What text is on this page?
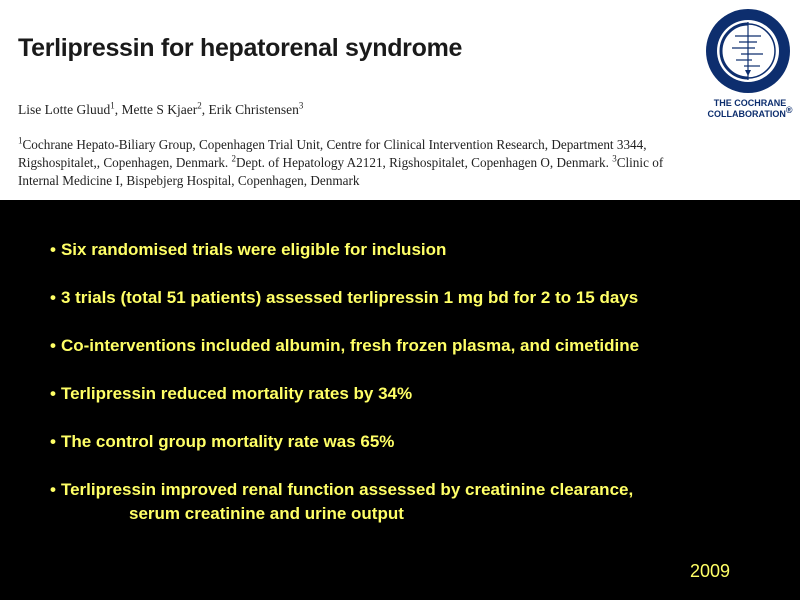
Terlipressin for hepatorenal syndrome
Lise Lotte Gluud$^1$, Mette S Kjaer$^2$, Erik Christensen$^3$
$^1$Cochrane Hepato-Biliary Group, Copenhagen Trial Unit, Centre for Clinical Intervention Research, Department 3344, Rigshospitalet,, Copenhagen, Denmark. $^2$Dept. of Hepatology A2121, Rigshospitalet, Copenhagen O, Denmark. $^3$Clinic of Internal Medicine I, Bispebjerg Hospital, Copenhagen, Denmark
THE COCHRANE
COLLABORATION®
• Six randomised trials were eligible for inclusion
• 3 trials (total 51 patients) assessed terlipressin 1 mg bd for 2 to 15 days
• Co-interventions included albumin, fresh frozen plasma, and cimetidine
• Terlipressin reduced mortality rates by 34%
• The control group mortality rate was 65%
• Terlipressin improved renal function assessed by creatinine clearance,
serum creatinine and urine output
2009
